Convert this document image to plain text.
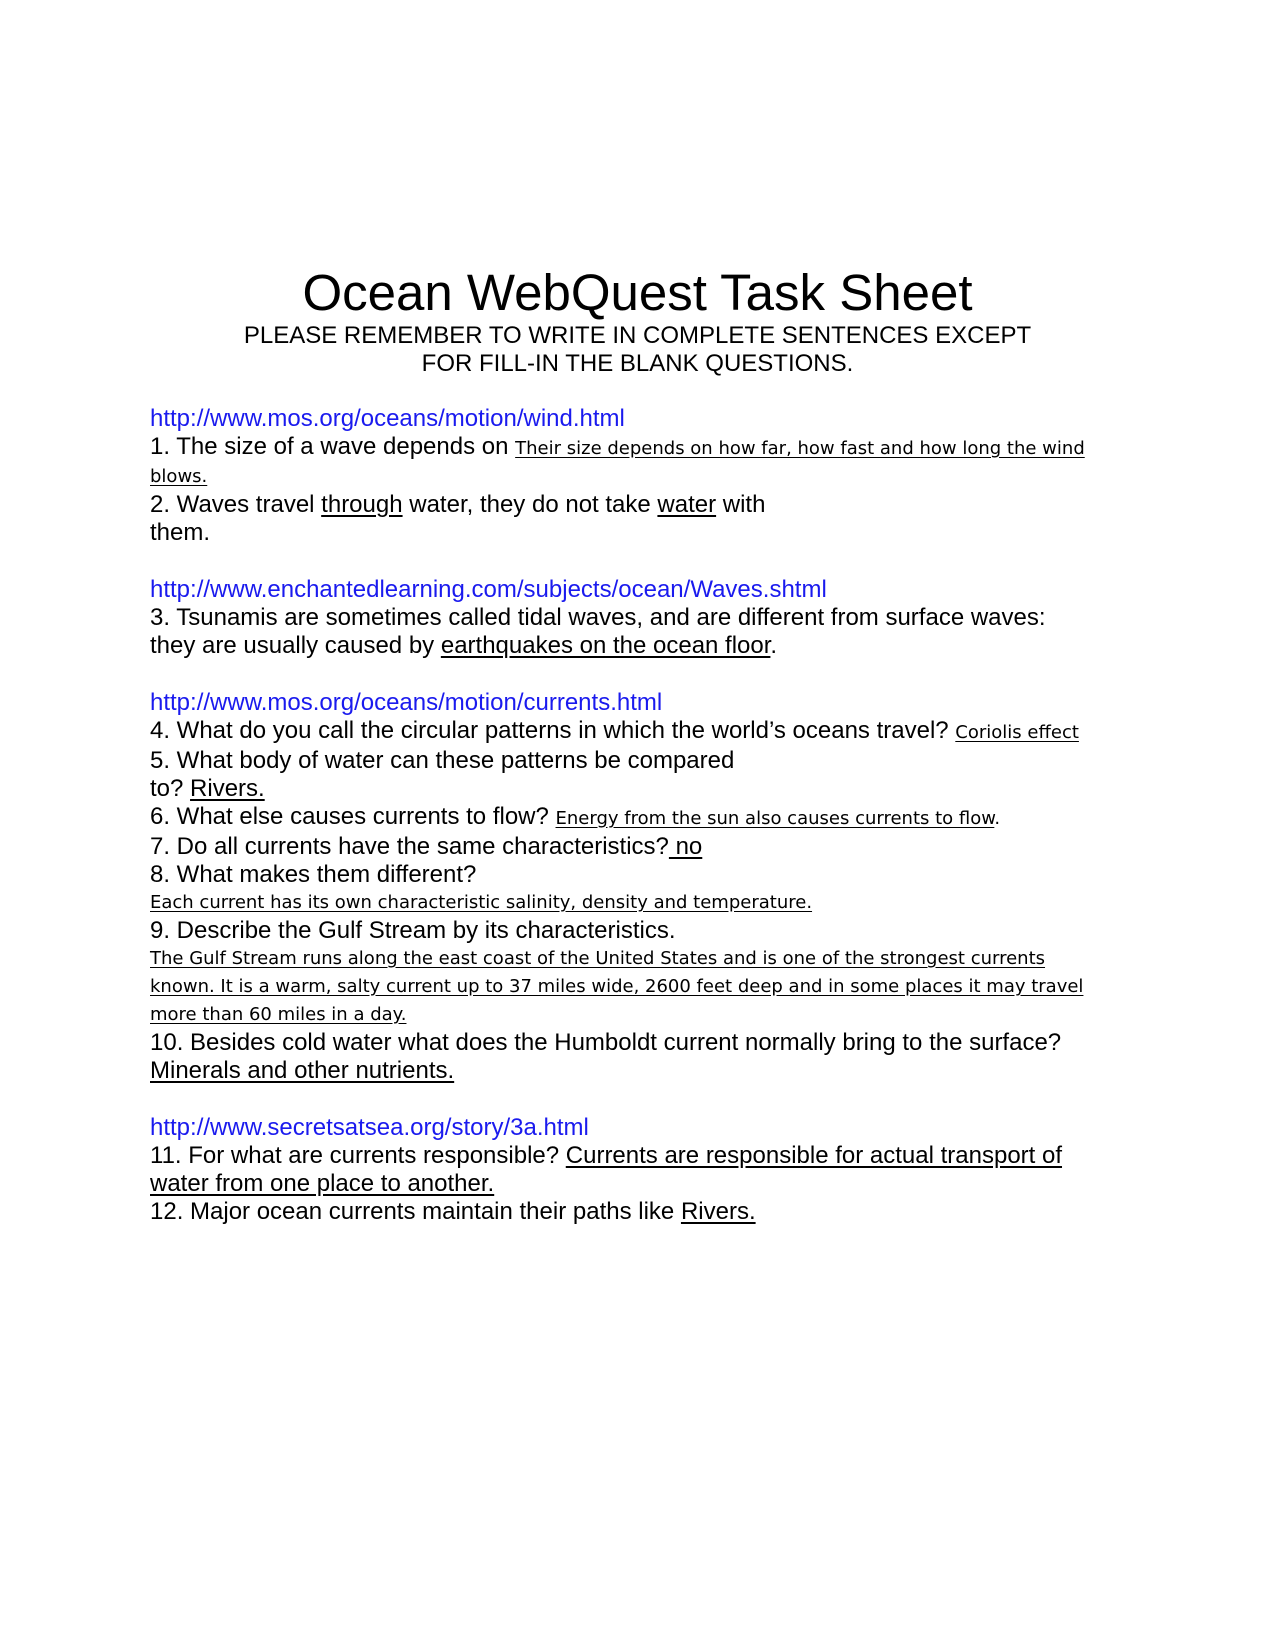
Ocean WebQuest Task Sheet
PLEASE REMEMBER TO WRITE IN COMPLETE SENTENCES EXCEPT
FOR FILL-IN THE BLANK QUESTIONS.
http://www.mos.org/oceans/motion/wind.html
1. The size of a wave depends on Their size depends on how far, how fast and how long the wind
blows.
2. Waves travel through water, they do not take water with
them.
http://www.enchantedlearning.com/subjects/ocean/Waves.shtml
3. Tsunamis are sometimes called tidal waves, and are different from surface waves:
they are usually caused by earthquakes on the ocean floor.
http://www.mos.org/oceans/motion/currents.html
4. What do you call the circular patterns in which the world’s oceans travel? Coriolis effect
5. What body of water can these patterns be compared
to? Rivers.
6. What else causes currents to flow? Energy from the sun also causes currents to flow.
7. Do all currents have the same characteristics? no
8. What makes them different?
Each current has its own characteristic salinity, density and temperature.
9. Describe the Gulf Stream by its characteristics.
The Gulf Stream runs along the east coast of the United States and is one of the strongest currents
known. It is a warm, salty current up to 37 miles wide, 2600 feet deep and in some places it may travel
more than 60 miles in a day.
10. Besides cold water what does the Humboldt current normally bring to the surface?
Minerals and other nutrients.
http://www.secretsatsea.org/story/3a.html
11. For what are currents responsible? Currents are responsible for actual transport of
water from one place to another.
12. Major ocean currents maintain their paths like Rivers.
